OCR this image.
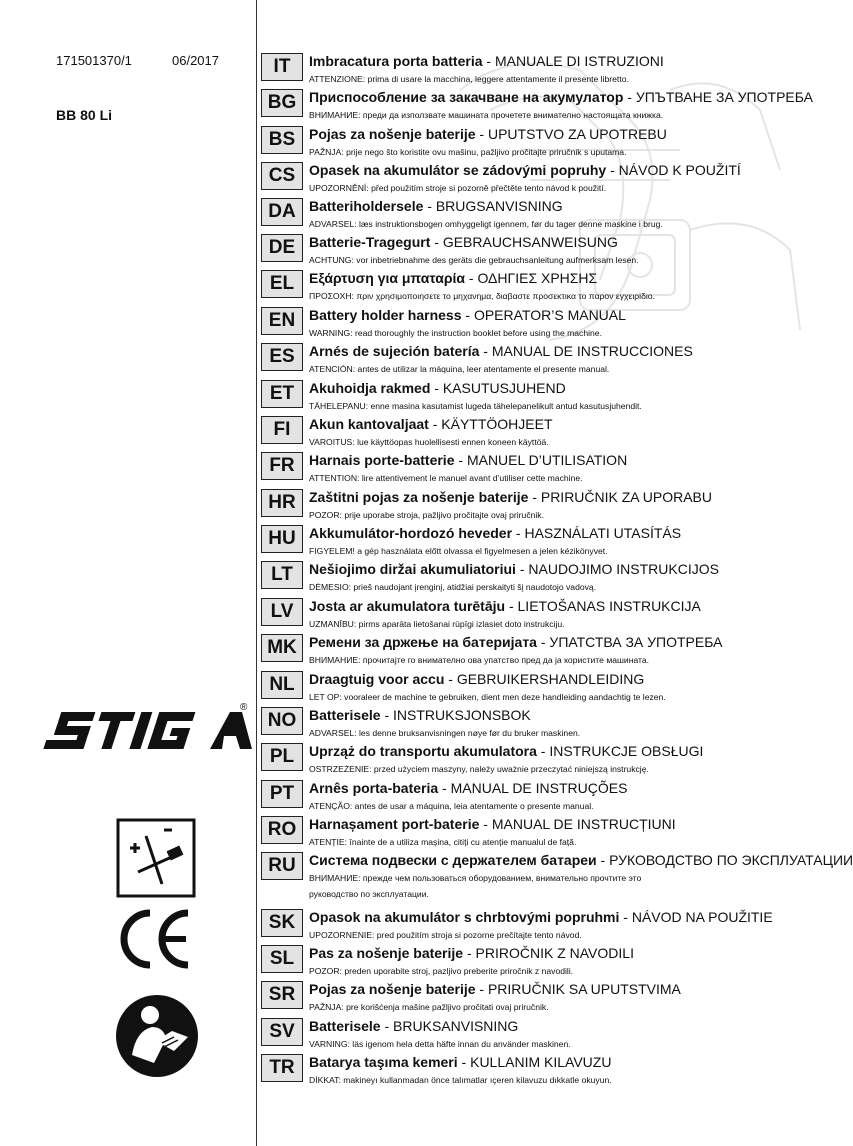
171501370/1	06/2017
BB 80 Li
®
IT	Imbracatura porta batteria - MANUALE DI ISTRUZIONI
ATTENZIONE: prima di usare la macchina, leggere attentamente il presente libretto.
BG Приспособление за закачване на акумулатор - УПЪТВАНЕ ЗА УПОТРЕБА
ВНИМАНИЕ: преди да използвате машината прочетете внимателно настоящата книжка.
BS Pojas za nošenje baterije - UPUTSTVO ZA UPOTREBU
PAŽNJA: prije nego što koristite ovu mašinu, pažljivo pročitajte priručnik s uputama.
CS Opasek na akumulátor se zádovými popruhy - NÁVOD K POUŽITÍ
UPOZORNĚNÍ: před použitím stroje si pozorně přečtěte tento návod k použití.
DA Batteriholdersele - BRUGSANVISNING
ADVARSEL: læs instruktionsbogen omhyggeligt igennem, før du tager denne maskine i brug.
DE Batterie-Tragegurt - GEBRAUCHSANWEISUNG
ACHTUNG: vor inbetriebnahme des geräts die gebrauchsanleitung aufmerksam lesen.
EL	Εξάρτυση για μπαταρία - ΟΔΗΓΙΕΣ ΧΡΗΣΗΣ
ΠΡΟΣΟΧΗ: πριν χρησιμοποιησετε το μηχανημα, διαβαστε προσεκτικα το παρον εγχειρiδιο.
EN Battery holder harness - OPERATOR’S MANUAL
WARNING: read thoroughly the instruction booklet before using the machine.
ES	Arnés de sujeción batería - MANUAL DE INSTRUCCIONES
ATENCIÓN: antes de utilizar la máquina, leer atentamente el presente manual.
ET	Akuhoidja rakmed - KASUTUSJUHEND
TÄHELEPANU: enne masina kasutamist lugeda tähelepanelikult antud kasutusjuhendit.
FI	Akun kantovaljaat - KÄYTTÖOHJEET
VAROITUS: lue käyttöopas huolellisesti ennen koneen käyttöä.
FR	Harnais porte-batterie - MANUEL D’UTILISATION
ATTENTION: lire attentivement le manuel avant d’utiliser cette machine.
HR Zaštitni pojas za nošenje baterije - PRIRUČNIK ZA UPORABU
POZOR: prije uporabe stroja, pažljivo pročitajte ovaj priručnik.
HU Akkumulátor-hordozó heveder - HASZNÁLATI UTASÍTÁS
FIGYELEM! a gép használata előtt olvassa el figyelmesen a jelen kézikönyvet.
LT	Nešiojimo diržai akumuliatoriui - NAUDOJIMO INSTRUKCIJOS
DĖMESIO: prieš naudojant įrenginį, atidžiai perskaityti šį naudotojo vadovą.
LV	Josta ar akumulatora turētāju - LIETOŠANAS INSTRUKCIJA
UZMANĪBU: pirms aparāta lietošanai rūpīgi izlasiet doto instrukciju.
MK Ремени за држење на батеријата - УПАТСТВА ЗА УПОТРЕБА
ВНИМАНИЕ: прочитајте го внимателно ова упатство пред да ја користите машината.
NL	Draagtuig voor accu - GEBRUIKERSHANDLEIDING
LET OP: vooraleer de machine te gebruiken, dient men deze handleiding aandachtig te lezen.
NO Batterisele - INSTRUKSJONSBOK
ADVARSEL: les denne bruksanvisningen nøye før du bruker maskinen.
PL	Uprząż do transportu akumulatora - INSTRUKCJE OBSŁUGI
OSTRZEŻENIE: przed użyciem maszyny, należy uważnie przeczytać niniejszą instrukcję.
PT	Arnês porta-bateria - MANUAL DE INSTRUÇÕES
ATENÇÃO: antes de usar a máquina, leia atentamente o presente manual.
RO Harnașament port-baterie - MANUAL DE INSTRUCȚIUNI
ATENȚIE: înainte de a utiliza mașina, citiți cu atenție manualul de față.
RU Система подвески с держателем батареи - РУКОВОДСТВО ПО ЭКСПЛУАТАЦИИ
ВНИМАНИЕ: прежде чем пользоваться оборудованием, внимательно прочтите это
руководство по эксплуатации.
SK Opasok na akumulátor s chrbtovými popruhmi - NÁVOD NA POUŽITIE
UPOZORNENIE: pred použitím stroja si pozorne prečítajte tento návod.
SL	Pas za nošenje baterije - PRIROČNIK Z NAVODILI
POZOR: preden uporabite stroj, pazljivo preberite priročnik z navodili.
SR Pojas za nošenje baterije - PRIRUČNIK SA UPUTSTVIMA
PAŽNJA: pre korišćenja mašine pažljivo pročitati ovaj priručnik.
SV	Batterisele - BRUKSANVISNING
VARNING: läs igenom hela detta häfte innan du använder maskinen.
TR	Batarya taşıma kemeri - KULLANIM KILAVUZU
DİKKAT: makineyı kullanmadan önce talımatlar ıçeren kilavuzu dıkkatle okuyun.
